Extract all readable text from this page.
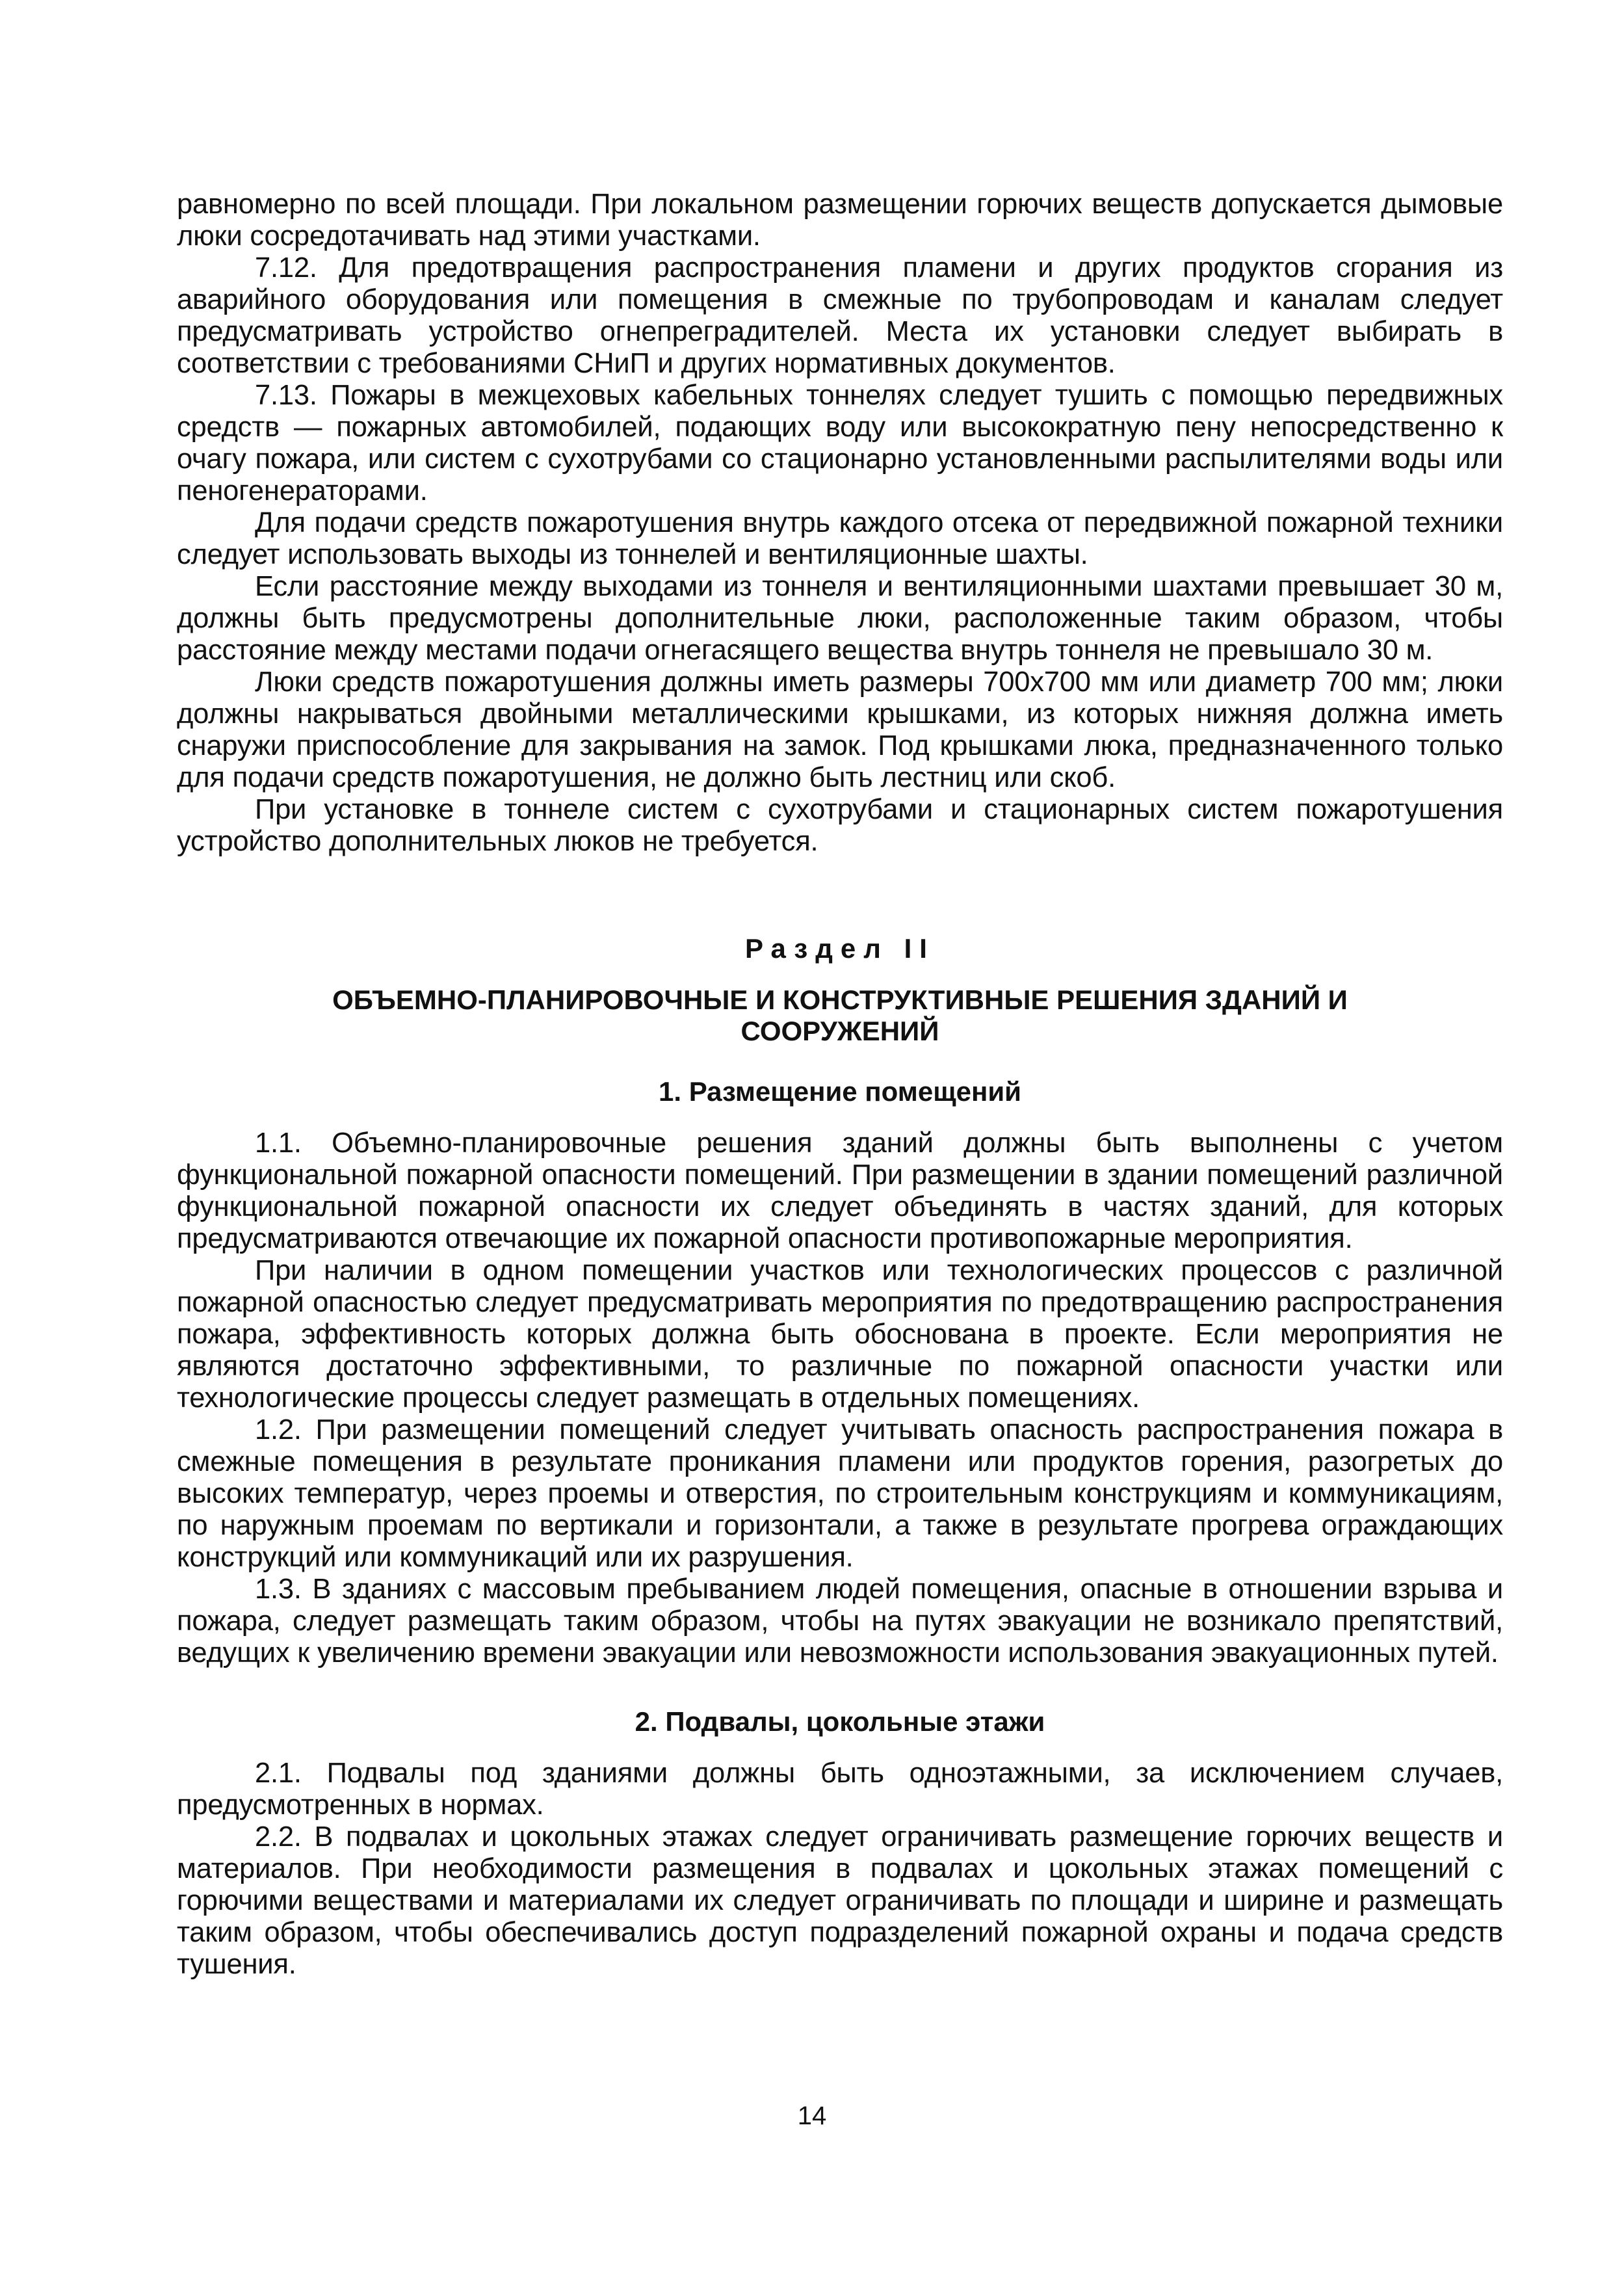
равномерно по всей площади. При локальном размещении горючих веществ допускается дымовые люки сосредотачивать над этими участками.

7.12. Для предотвращения распространения пламени и других продуктов сгорания из аварийного оборудования или помещения в смежные по трубопроводам и каналам следует предусматривать устройство огнепреградителей. Места их установки следует выбирать в соответствии с требованиями СНиП и других нормативных документов.

7.13. Пожары в межцеховых кабельных тоннелях следует тушить с помощью передвижных средств — пожарных автомобилей, подающих воду или высокократную пену непосредственно к очагу пожара, или систем с сухотрубами со стационарно установленными распылителями воды или пеногенераторами.

Для подачи средств пожаротушения внутрь каждого отсека от передвижной пожарной техники следует использовать выходы из тоннелей и вентиляционные шахты.

Если расстояние между выходами из тоннеля и вентиляционными шахтами превышает 30 м, должны быть предусмотрены дополнительные люки, расположенные таким образом, чтобы расстояние между местами подачи огнегасящего вещества внутрь тоннеля не превышало 30 м.

Люки средств пожаротушения должны иметь размеры 700x700 мм или диаметр 700 мм; люки должны накрываться двойными металлическими крышками, из которых нижняя должна иметь снаружи приспособление для закрывания на замок. Под крышками люка, предназначенного только для подачи средств пожаротушения, не должно быть лестниц или скоб.

При установке в тоннеле систем с сухотрубами и стационарных систем пожаротушения устройство дополнительных люков не требуется.

Раздел II
ОБЪЕМНО-ПЛАНИРОВОЧНЫЕ И КОНСТРУКТИВНЫЕ РЕШЕНИЯ ЗДАНИЙ И СООРУЖЕНИЙ
1. Размещение помещений

1.1. Объемно-планировочные решения зданий должны быть выполнены с учетом функциональной пожарной опасности помещений. При размещении в здании помещений различной функциональной пожарной опасности их следует объединять в частях зданий, для которых предусматриваются отвечающие их пожарной опасности противопожарные мероприятия.

При наличии в одном помещении участков или технологических процессов с различной пожарной опасностью следует предусматривать мероприятия по предотвращению распространения пожара, эффективность которых должна быть обоснована в проекте. Если мероприятия не являются достаточно эффективными, то различные по пожарной опасности участки или технологические процессы следует размещать в отдельных помещениях.

1.2. При размещении помещений следует учитывать опасность распространения пожара в смежные помещения в результате проникания пламени или продуктов горения, разогретых до высоких температур, через проемы и отверстия, по строительным конструкциям и коммуникациям, по наружным проемам по вертикали и горизонтали, а также в результате прогрева ограждающих конструкций или коммуникаций или их разрушения.

1.3. В зданиях с массовым пребыванием людей помещения, опасные в отношении взрыва и пожара, следует размещать таким образом, чтобы на путях эвакуации не возникало препятствий, ведущих к увеличению времени эвакуации или невозможности использования эвакуационных путей.

2. Подвалы, цокольные этажи

2.1. Подвалы под зданиями должны быть одноэтажными, за исключением случаев, предусмотренных в нормах.

2.2. В подвалах и цокольных этажах следует ограничивать размещение горючих веществ и материалов. При необходимости размещения в подвалах и цокольных этажах помещений с горючими веществами и материалами их следует ограничивать по площади и ширине и размещать таким образом, чтобы обеспечивались доступ подразделений пожарной охраны и подача средств тушения.

14
